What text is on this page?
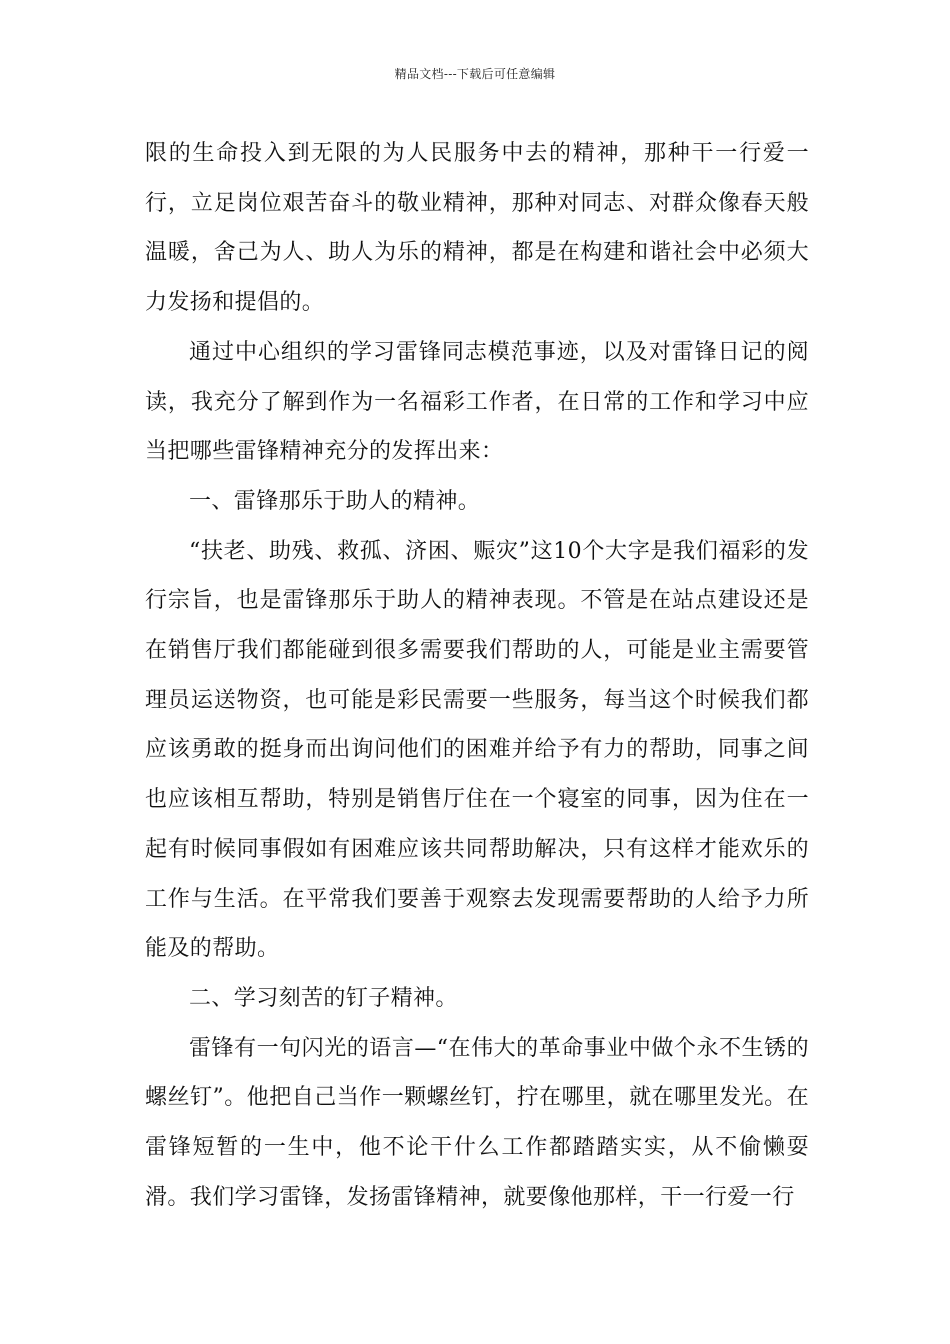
精品文档---下载后可任意编辑

限的生命投入到无限的为人民服务中去的精神，那种干一行爱一行，立足岗位艰苦奋斗的敬业精神，那种对同志、对群众像春天般温暖，舍己为人、助人为乐的精神，都是在构建和谐社会中必须大力发扬和提倡的。

通过中心组织的学习雷锋同志模范事迹，以及对雷锋日记的阅读，我充分了解到作为一名福彩工作者，在日常的工作和学习中应当把哪些雷锋精神充分的发挥出来：

一、雷锋那乐于助人的精神。

“扶老、助残、救孤、济困、赈灾”这10个大字是我们福彩的发行宗旨，也是雷锋那乐于助人的精神表现。不管是在站点建设还是在销售厅我们都能碰到很多需要我们帮助的人，可能是业主需要管理员运送物资，也可能是彩民需要一些服务，每当这个时候我们都应该勇敢的挺身而出询问他们的困难并给予有力的帮助，同事之间也应该相互帮助，特别是销售厅住在一个寝室的同事，因为住在一起有时候同事假如有困难应该共同帮助解决，只有这样才能欢乐的工作与生活。在平常我们要善于观察去发现需要帮助的人给予力所能及的帮助。

二、学习刻苦的钉子精神。

雷锋有一句闪光的语言—“在伟大的革命事业中做个永不生锈的螺丝钉”。他把自己当作一颗螺丝钉，拧在哪里，就在哪里发光。在雷锋短暂的一生中，他不论干什么工作都踏踏实实，从不偷懒耍滑。我们学习雷锋，发扬雷锋精神，就要像他那样，干一行爱一行
